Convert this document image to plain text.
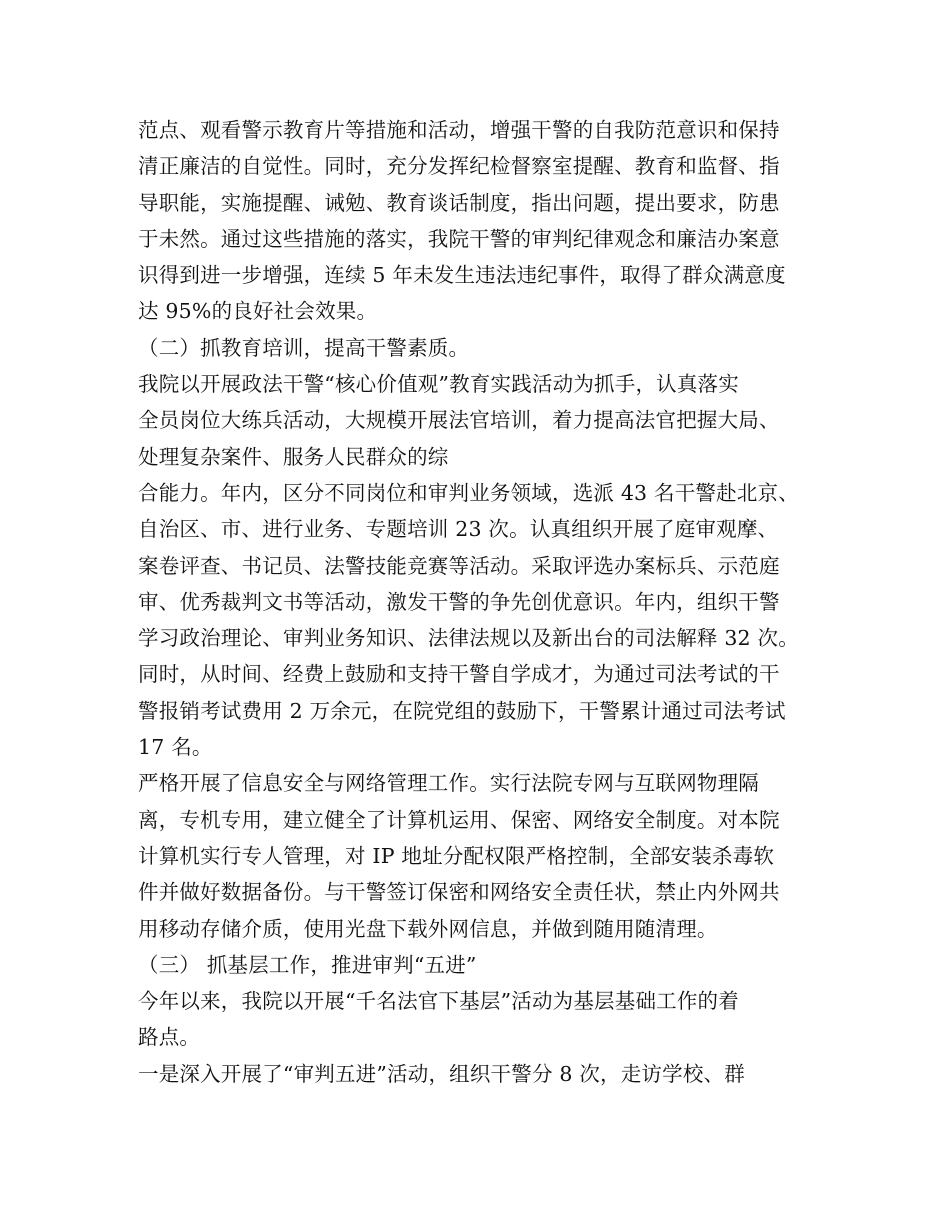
范点、观看警示教育片等措施和活动，增强干警的自我防范意识和保持
清正廉洁的自觉性。同时，充分发挥纪检督察室提醒、教育和监督、指
导职能，实施提醒、诫勉、教育谈话制度，指出问题，提出要求，防患
于未然。通过这些措施的落实，我院干警的审判纪律观念和廉洁办案意
识得到进一步增强，连续 5 年未发生违法违纪事件，取得了群众满意度
达 95%的良好社会效果。
（二）抓教育培训，提高干警素质。
我院以开展政法干警“核心价值观”教育实践活动为抓手，认真落实
全员岗位大练兵活动，大规模开展法官培训，着力提高法官把握大局、
处理复杂案件、服务人民群众的综
合能力。年内，区分不同岗位和审判业务领域，选派 43 名干警赴北京、
自治区、市、进行业务、专题培训 23 次。认真组织开展了庭审观摩、
案卷评查、书记员、法警技能竞赛等活动。采取评选办案标兵、示范庭
审、优秀裁判文书等活动，激发干警的争先创优意识。年内，组织干警
学习政治理论、审判业务知识、法律法规以及新出台的司法解释 32 次。
同时，从时间、经费上鼓励和支持干警自学成才，为通过司法考试的干
警报销考试费用 2 万余元，在院党组的鼓励下，干警累计通过司法考试
17 名。
严格开展了信息安全与网络管理工作。实行法院专网与互联网物理隔
离，专机专用，建立健全了计算机运用、保密、网络安全制度。对本院
计算机实行专人管理，对 IP 地址分配权限严格控制，全部安装杀毒软
件并做好数据备份。与干警签订保密和网络安全责任状，禁止内外网共
用移动存储介质，使用光盘下载外网信息，并做到随用随清理。
（三） 抓基层工作，推进审判“五进”
今年以来，我院以开展“千名法官下基层”活动为基层基础工作的着
路点。
一是深入开展了“审判五进”活动，组织干警分 8 次，走访学校、群
